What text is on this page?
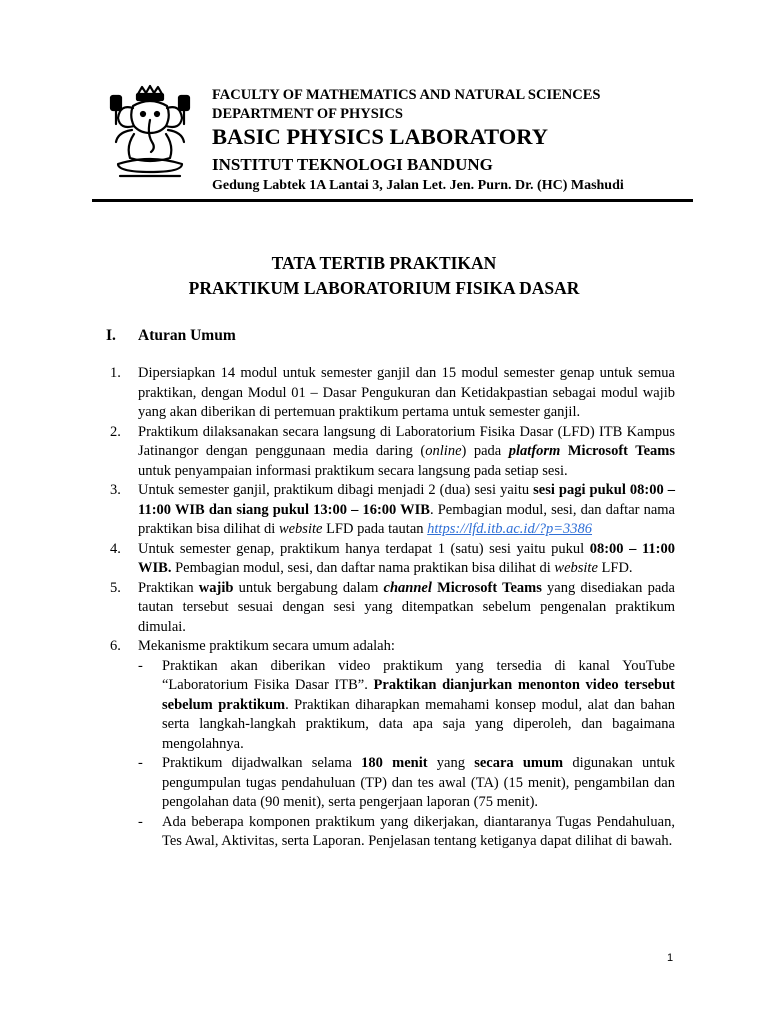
FACULTY OF MATHEMATICS AND NATURAL SCIENCES
DEPARTMENT OF PHYSICS
BASIC PHYSICS LABORATORY
INSTITUT TEKNOLOGI BANDUNG
Gedung Labtek 1A Lantai 3, Jalan Let. Jen. Purn. Dr. (HC) Mashudi
TATA TERTIB PRAKTIKAN
PRAKTIKUM LABORATORIUM FISIKA DASAR
I. Aturan Umum
1.	Dipersiapkan 14 modul untuk semester ganjil dan 15 modul semester genap untuk semua praktikan, dengan Modul 01 – Dasar Pengukuran dan Ketidakpastian sebagai modul wajib yang akan diberikan di pertemuan praktikum pertama untuk semester ganjil.
2.	Praktikum dilaksanakan secara langsung di Laboratorium Fisika Dasar (LFD) ITB Kampus Jatinangor dengan penggunaan media daring (online) pada platform Microsoft Teams untuk penyampaian informasi praktikum secara langsung pada setiap sesi.
3.	Untuk semester ganjil, praktikum dibagi menjadi 2 (dua) sesi yaitu sesi pagi pukul 08:00 – 11:00 WIB dan siang pukul 13:00 – 16:00 WIB. Pembagian modul, sesi, dan daftar nama praktikan bisa dilihat di website LFD pada tautan https://lfd.itb.ac.id/?p=3386
4.	Untuk semester genap, praktikum hanya terdapat 1 (satu) sesi yaitu pukul 08:00 – 11:00 WIB. Pembagian modul, sesi, dan daftar nama praktikan bisa dilihat di website LFD.
5.	Praktikan wajib untuk bergabung dalam channel Microsoft Teams yang disediakan pada tautan tersebut sesuai dengan sesi yang ditempatkan sebelum pengenalan praktikum dimulai.
6.	Mekanisme praktikum secara umum adalah:
-	Praktikan akan diberikan video praktikum yang tersedia di kanal YouTube “Laboratorium Fisika Dasar ITB”. Praktikan dianjurkan menonton video tersebut sebelum praktikum. Praktikan diharapkan memahami konsep modul, alat dan bahan serta langkah-langkah praktikum, data apa saja yang diperoleh, dan bagaimana mengolahnya.
-	Praktikum dijadwalkan selama 180 menit yang secara umum digunakan untuk pengumpulan tugas pendahuluan (TP) dan tes awal (TA) (15 menit), pengambilan dan pengolahan data (90 menit), serta pengerjaan laporan (75 menit).
-	Ada beberapa komponen praktikum yang dikerjakan, diantaranya Tugas Pendahuluan, Tes Awal, Aktivitas, serta Laporan. Penjelasan tentang ketiganya dapat dilihat di bawah.
1
